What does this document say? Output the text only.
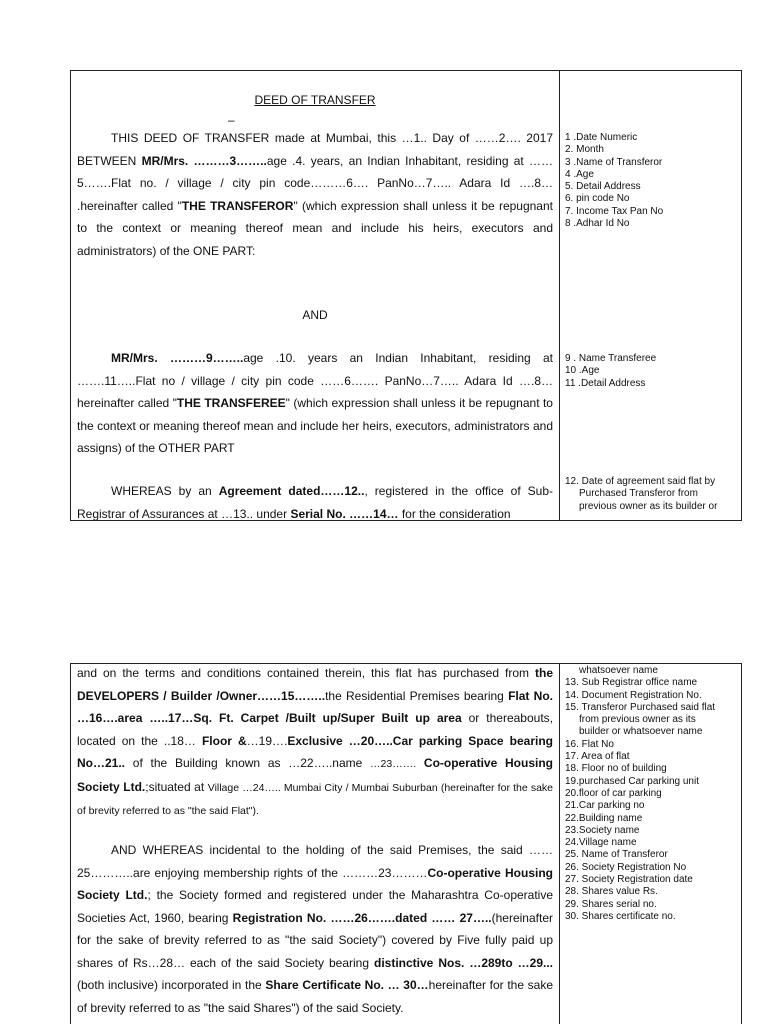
DEED OF TRANSFER
–

THIS DEED OF TRANSFER made at Mumbai, this …1.. Day of ……2…. 2017 BETWEEN MR/Mrs. ………3……..age .4. years, an Indian Inhabitant, residing at ……5…….Flat no. / village / city pin code………6…. PanNo…7….. Adara Id ….8… .hereinafter called "THE TRANSFEROR" (which expression shall unless it be repugnant to the context or meaning thereof mean and include his heirs, executors and administrators) of the ONE PART:

AND

MR/Mrs. ………9……..age .10. years an Indian Inhabitant, residing at …….11…..Flat no / village / city pin code ……6……. PanNo…7….. Adara Id ….8… hereinafter called "THE TRANSFEREE" (which expression shall unless it be repugnant to the context or meaning thereof mean and include her heirs, executors, administrators and assigns) of the OTHER PART

WHEREAS by an Agreement dated……12.., registered in the office of Sub-Registrar of Assurances at …13.. under Serial No. ……14… for the consideration

1 .Date Numeric
2. Month
3 .Name of Transferor
4 .Age
5. Detail Address
6. pin code No
7. Income Tax Pan No
8 .Adhar Id No
9 . Name Transferee
10 .Age
11 .Detail Address
12. Date of agreement said flat by
Purchased Transferor from
previous owner as its builder or

and on the terms and conditions contained therein, this flat has purchased from the DEVELOPERS / Builder /Owner……15……..the Residential Premises bearing Flat No. …16….area …..17…Sq. Ft. Carpet /Built up/Super Built up area or thereabouts, located on the ..18… Floor &…19….Exclusive …20…..Car parking Space bearing No…21.. of the Building known as …22…..name …23……. Co-operative Housing Society Ltd.;situated at Village …24….. Mumbai City / Mumbai Suburban (hereinafter for the sake of brevity referred to as "the said Flat").

AND WHEREAS incidental to the holding of the said Premises, the said …… 25………..are enjoying membership rights of the ………23………Co-operative Housing Society Ltd.; the Society formed and registered under the Maharashtra Co-operative Societies Act, 1960, bearing Registration No. ……26…….dated …… 27…..(hereinafter for the sake of brevity referred to as "the said Society") covered by Five fully paid up shares of Rs…28… each of the said Society bearing distinctive Nos. …289to …29... (both inclusive) incorporated in the Share Certificate No. … 30…hereinafter for the sake of brevity referred to as "the said Shares") of the said Society.

whatsoever name
13. Sub Registrar office name
14. Document Registration No.
15. Transferor Purchased said flat
from previous owner as its
builder or whatsoever name
16. Flat No
17. Area of flat
18. Floor no of building
19.purchased Car parking unit
20.floor of car parking
21.Car parking no
22.Building name
23.Society name
24.Village name
25. Name of Transferor
26. Society Registration No
27. Society Registration date
28. Shares value Rs.
29. Shares serial no.
30. Shares certificate no.
